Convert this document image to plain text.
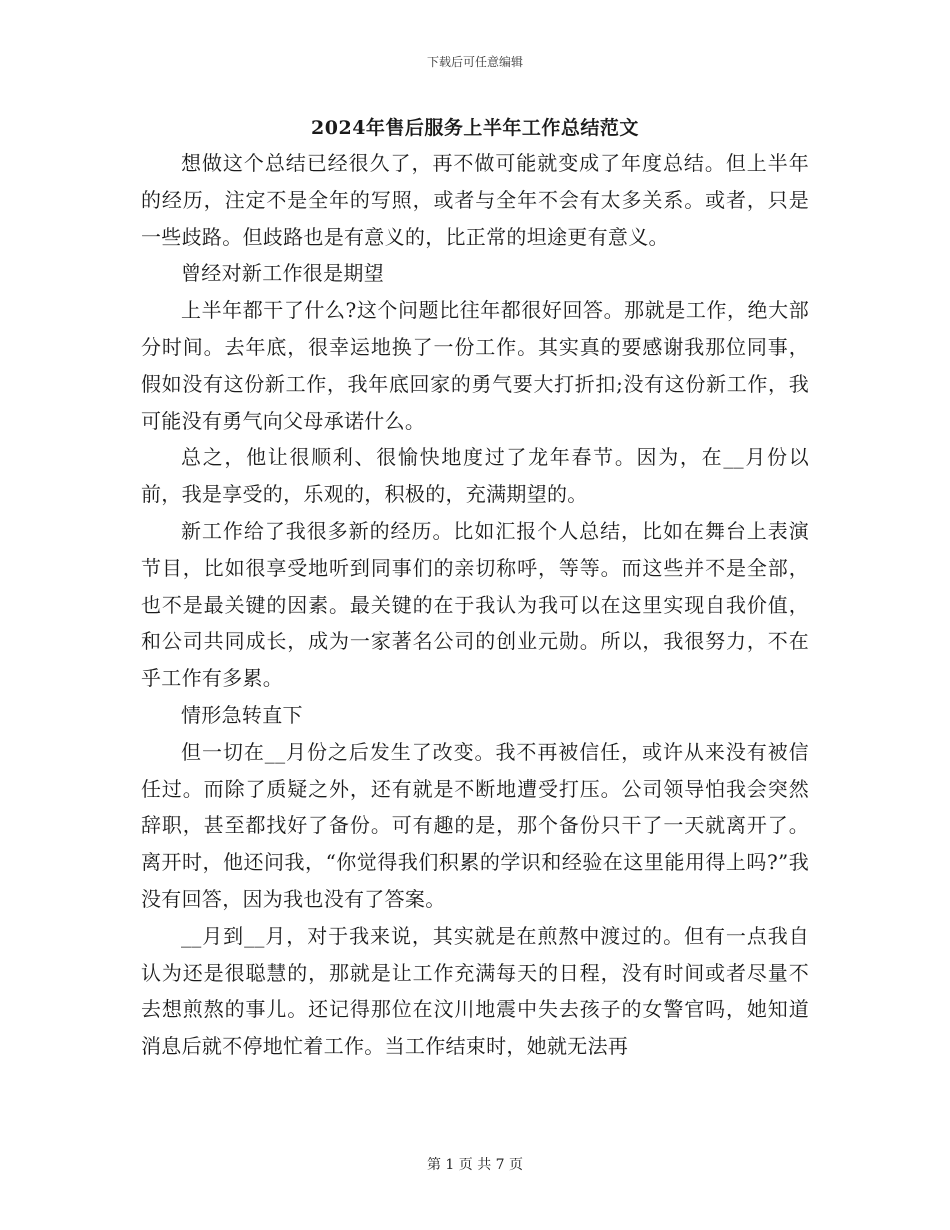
下载后可任意编辑
2024年售后服务上半年工作总结范文

想做这个总结已经很久了，再不做可能就变成了年度总结。但上半年的经历，注定不是全年的写照，或者与全年不会有太多关系。或者，只是一些歧路。但歧路也是有意义的，比正常的坦途更有意义。

曾经对新工作很是期望

上半年都干了什么?这个问题比往年都很好回答。那就是工作，绝大部分时间。去年底，很幸运地换了一份工作。其实真的要感谢我那位同事，假如没有这份新工作，我年底回家的勇气要大打折扣;没有这份新工作，我可能没有勇气向父母承诺什么。

总之，他让很顺利、很愉快地度过了龙年春节。因为，在__月份以前，我是享受的，乐观的，积极的，充满期望的。

新工作给了我很多新的经历。比如汇报个人总结，比如在舞台上表演节目，比如很享受地听到同事们的亲切称呼，等等。而这些并不是全部，也不是最关键的因素。最关键的在于我认为我可以在这里实现自我价值，和公司共同成长，成为一家著名公司的创业元勋。所以，我很努力，不在乎工作有多累。

情形急转直下

但一切在__月份之后发生了改变。我不再被信任，或许从来没有被信任过。而除了质疑之外，还有就是不断地遭受打压。公司领导怕我会突然辞职，甚至都找好了备份。可有趣的是，那个备份只干了一天就离开了。离开时，他还问我，“你觉得我们积累的学识和经验在这里能用得上吗?”我没有回答，因为我也没有了答案。

__月到__月，对于我来说，其实就是在煎熬中渡过的。但有一点我自认为还是很聪慧的，那就是让工作充满每天的日程，没有时间或者尽量不去想煎熬的事儿。还记得那位在汶川地震中失去孩子的女警官吗，她知道消息后就不停地忙着工作。当工作结束时，她就无法再

第 1 页 共 7 页
